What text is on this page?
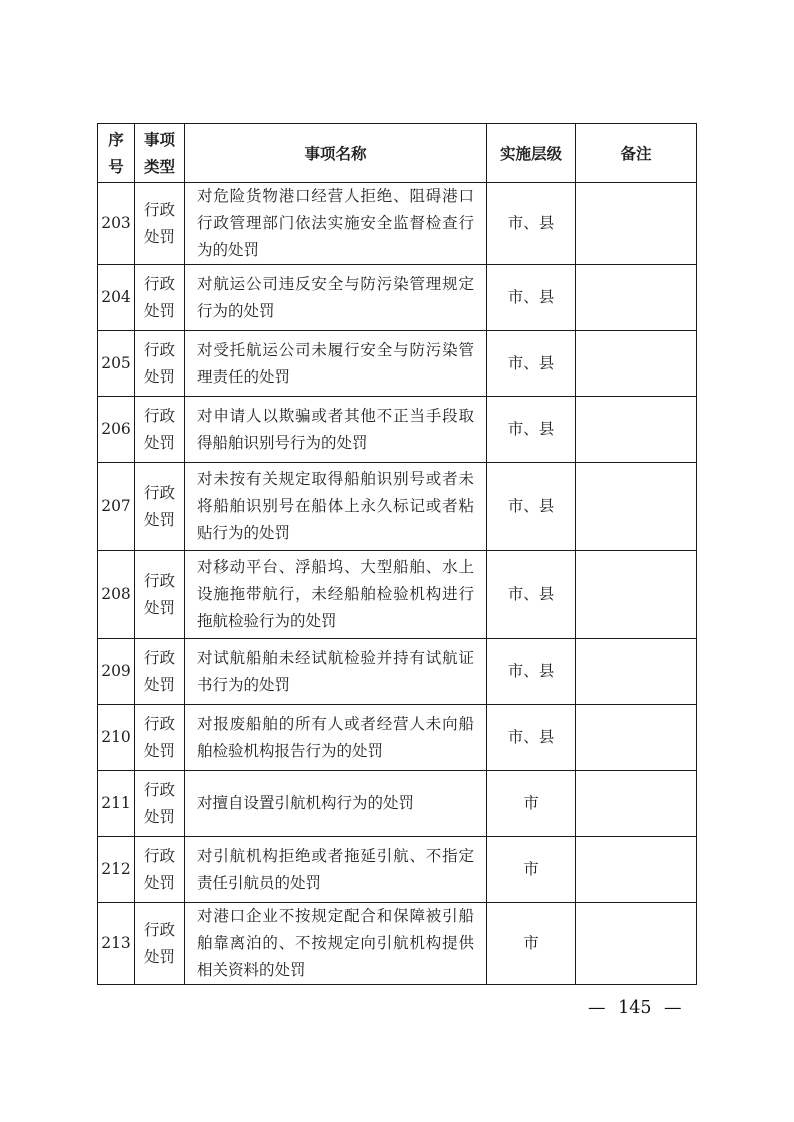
序号	事项类型	事项名称	实施层级	备注
203	行政处罚	对危险货物港口经营人拒绝、阻碍港口行政管理部门依法实施安全监督检查行为的处罚	市、县	
204	行政处罚	对航运公司违反安全与防污染管理规定行为的处罚	市、县	
205	行政处罚	对受托航运公司未履行安全与防污染管理责任的处罚	市、县	
206	行政处罚	对申请人以欺骗或者其他不正当手段取得船舶识别号行为的处罚	市、县	
207	行政处罚	对未按有关规定取得船舶识别号或者未将船舶识别号在船体上永久标记或者粘贴行为的处罚	市、县	
208	行政处罚	对移动平台、浮船坞、大型船舶、水上设施拖带航行，未经船舶检验机构进行拖航检验行为的处罚	市、县	
209	行政处罚	对试航船舶未经试航检验并持有试航证书行为的处罚	市、县	
210	行政处罚	对报废船舶的所有人或者经营人未向船舶检验机构报告行为的处罚	市、县	
211	行政处罚	对擅自设置引航机构行为的处罚	市	
212	行政处罚	对引航机构拒绝或者拖延引航、不指定责任引航员的处罚	市	
213	行政处罚	对港口企业不按规定配合和保障被引船舶靠离泊的、不按规定向引航机构提供相关资料的处罚	市	
— 145 —
